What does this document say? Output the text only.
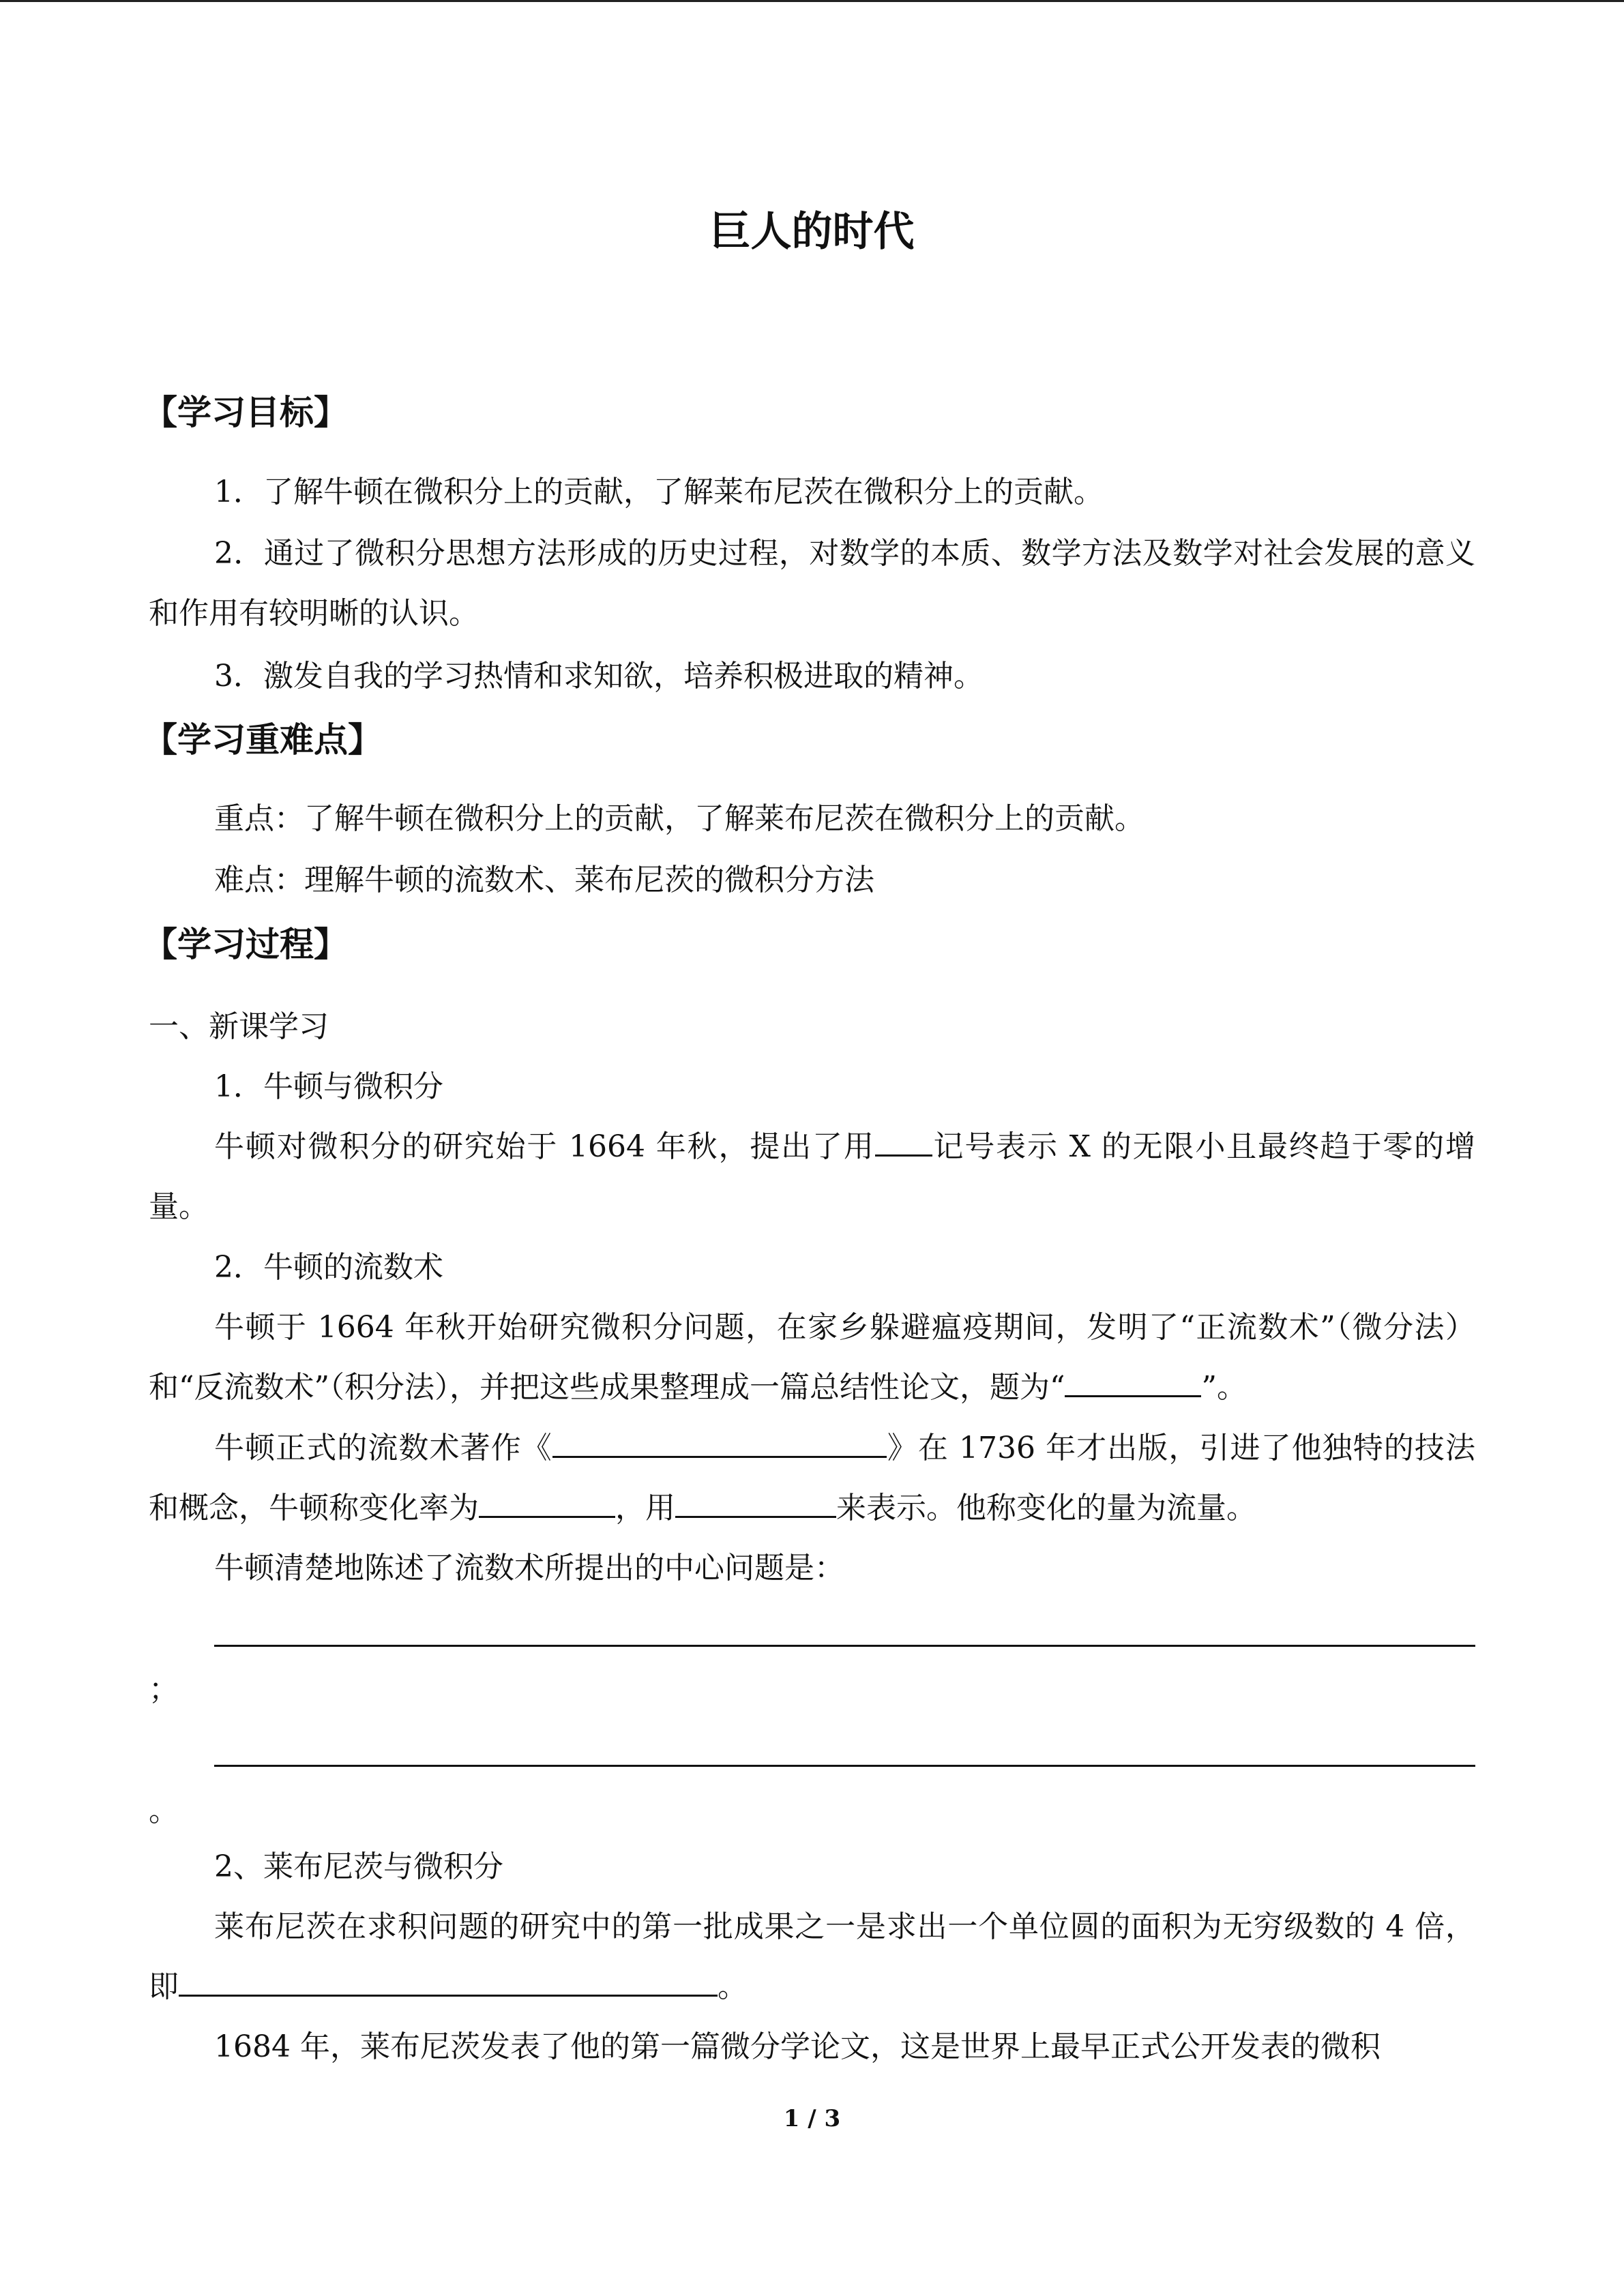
巨人的时代
【学习目标】

1．了解牛顿在微积分上的贡献，了解莱布尼茨在微积分上的贡献。

2．通过了微积分思想方法形成的历史过程，对数学的本质、数学方法及数学对社会发展的意义和作用有较明晰的认识。

3．激发自我的学习热情和求知欲，培养积极进取的精神。

【学习重难点】

重点：了解牛顿在微积分上的贡献，了解莱布尼茨在微积分上的贡献。

难点：理解牛顿的流数术、莱布尼茨的微积分方法

【学习过程】

一、新课学习

1．牛顿与微积分

牛顿对微积分的研究始于 1664 年秋，提出了用 记号表示 X 的无限小且最终趋于零的增量。

2．牛顿的流数术

牛顿于 1664 年秋开始研究微积分问题，在家乡躲避瘟疫期间，发明了“正流数术”（微分法）和“反流数术”（积分法），并把这些成果整理成一篇总结性论文，题为“	”。

牛顿正式的流数术著作《	》在 1736 年才出版，引进了他独特的技法和概念，牛顿称变化率为	，用	来表示。他称变化的量为流量。

牛顿清楚地陈述了流数术所提出的中心问题是：

；

。

2、莱布尼茨与微积分

莱布尼茨在求积问题的研究中的第一批成果之一是求出一个单位圆的面积为无穷级数的 4 倍，即	。

1684 年，莱布尼茨发表了他的第一篇微分学论文，这是世界上最早正式公开发表的微积

1 / 3
